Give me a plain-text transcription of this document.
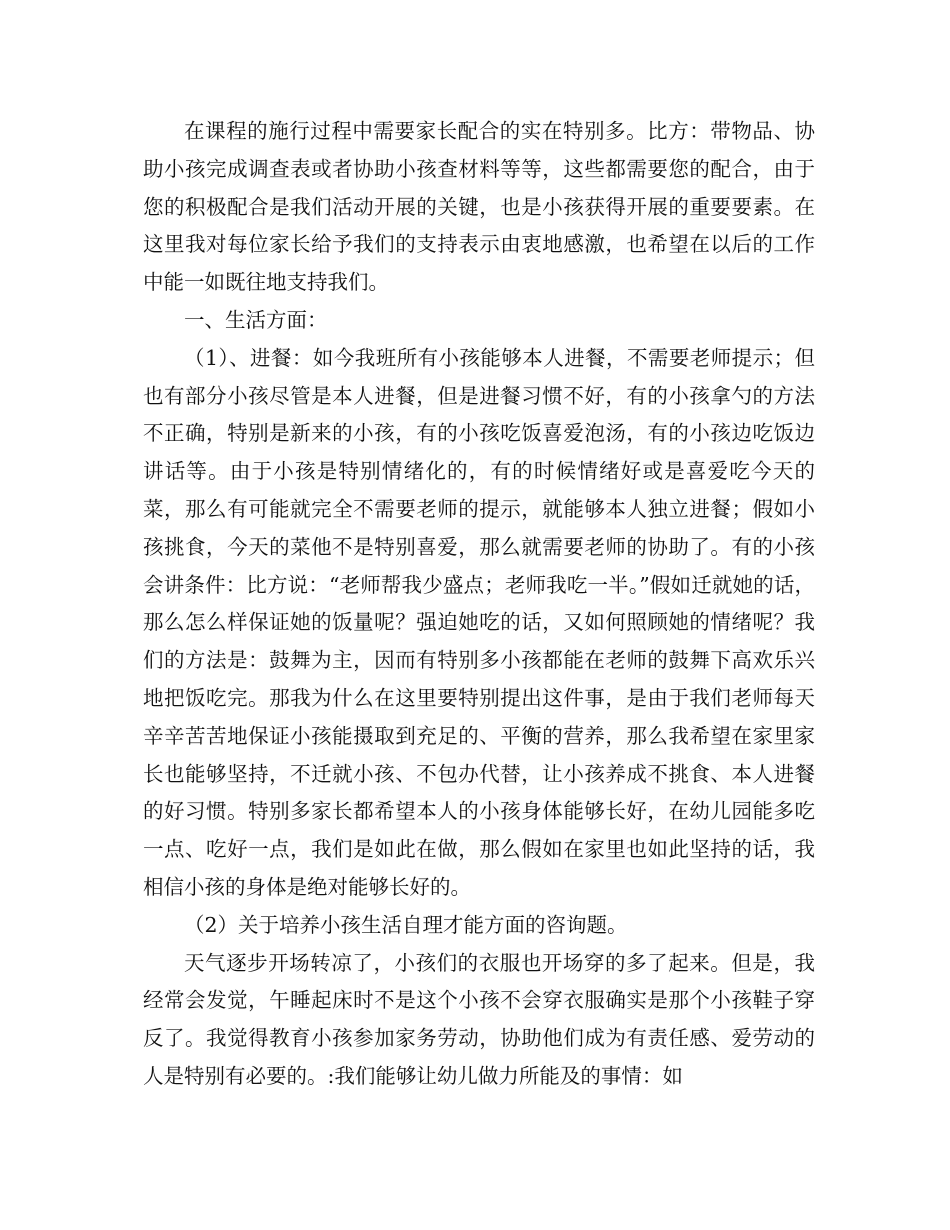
在课程的施行过程中需要家长配合的实在特别多。比方：带物品、协助小孩完成调查表或者协助小孩查材料等等，这些都需要您的配合，由于您的积极配合是我们活动开展的关键，也是小孩获得开展的重要要素。在这里我对每位家长给予我们的支持表示由衷地感激，也希望在以后的工作中能一如既往地支持我们。

一、生活方面：

（1）、进餐：如今我班所有小孩能够本人进餐，不需要老师提示；但也有部分小孩尽管是本人进餐，但是进餐习惯不好，有的小孩拿勺的方法不正确，特别是新来的小孩，有的小孩吃饭喜爱泡汤，有的小孩边吃饭边讲话等。由于小孩是特别情绪化的，有的时候情绪好或是喜爱吃今天的菜，那么有可能就完全不需要老师的提示，就能够本人独立进餐；假如小孩挑食，今天的菜他不是特别喜爱，那么就需要老师的协助了。有的小孩会讲条件：比方说：“老师帮我少盛点；老师我吃一半。”假如迁就她的话，那么怎么样保证她的饭量呢？强迫她吃的话，又如何照顾她的情绪呢？我们的方法是：鼓舞为主，因而有特别多小孩都能在老师的鼓舞下高欢乐兴地把饭吃完。那我为什么在这里要特别提出这件事，是由于我们老师每天辛辛苦苦地保证小孩能摄取到充足的、平衡的营养，那么我希望在家里家长也能够坚持，不迁就小孩、不包办代替，让小孩养成不挑食、本人进餐的好习惯。特别多家长都希望本人的小孩身体能够长好，在幼儿园能多吃一点、吃好一点，我们是如此在做，那么假如在家里也如此坚持的话，我相信小孩的身体是绝对能够长好的。

（2）关于培养小孩生活自理才能方面的咨询题。

天气逐步开场转凉了，小孩们的衣服也开场穿的多了起来。但是，我经常会发觉，午睡起床时不是这个小孩不会穿衣服确实是那个小孩鞋子穿反了。我觉得教育小孩参加家务劳动，协助他们成为有责任感、爱劳动的人是特别有必要的。:我们能够让幼儿做力所能及的事情：如
